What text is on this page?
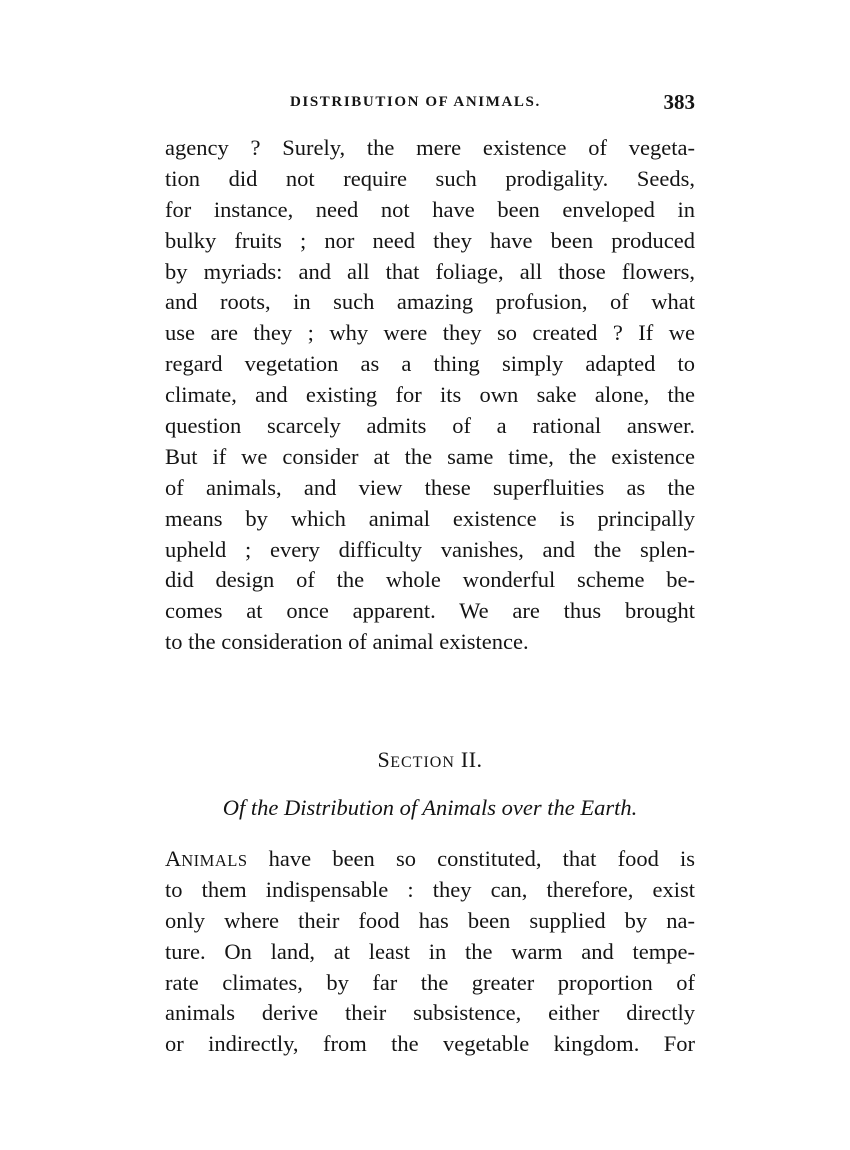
DISTRIBUTION OF ANIMALS.	383
agency ? Surely, the mere existence of vegeta-
tion did not require such prodigality. Seeds,
for instance, need not have been enveloped in
bulky fruits ; nor need they have been produced
by myriads: and all that foliage, all those flowers,
and roots, in such amazing profusion, of what
use are they ; why were they so created ? If we
regard vegetation as a thing simply adapted to
climate, and existing for its own sake alone, the
question scarcely admits of a rational answer.
But if we consider at the same time, the existence
of animals, and view these superfluities as the
means by which animal existence is principally
upheld ; every difficulty vanishes, and the splen-
did design of the whole wonderful scheme be-
comes at once apparent. We are thus brought
to the consideration of animal existence.
SECTION II.
Of the Distribution of Animals over the Earth.
ANIMALS have been so constituted, that food is
to them indispensable : they can, therefore, exist
only where their food has been supplied by na-
ture. On land, at least in the warm and tempe-
rate climates, by far the greater proportion of
animals derive their subsistence, either directly
or indirectly, from the vegetable kingdom. For
